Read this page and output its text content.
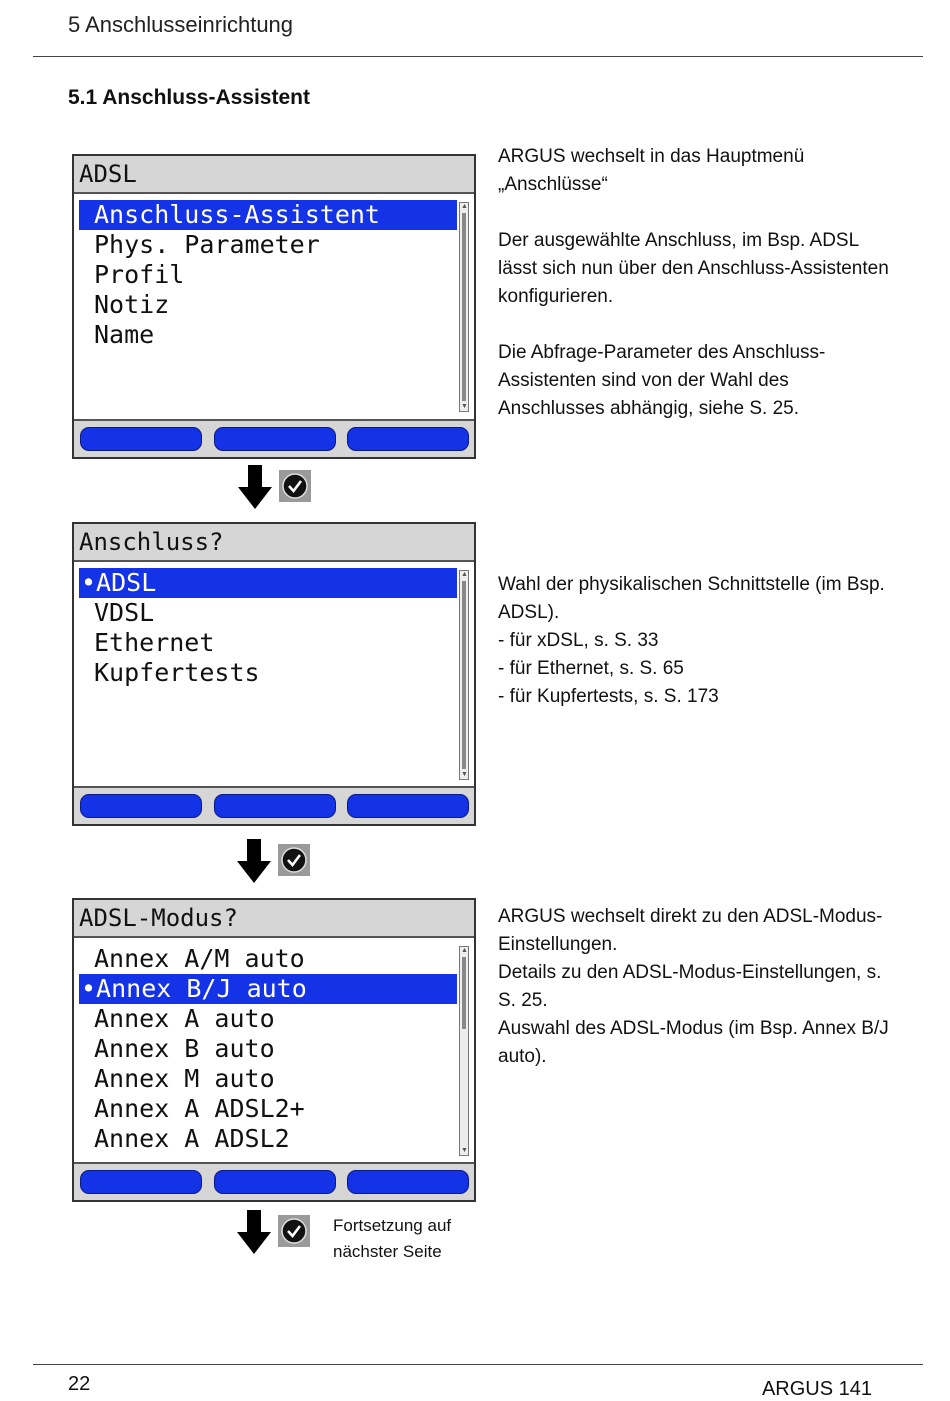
5 Anschlusseinrichtung
5.1 Anschluss-Assistent
ADSL
Anschluss-Assistent
Phys. Parameter
Profil
Notiz
Name
▲
▼

ARGUS wechselt in das Hauptmenü „Anschlüsse“

Der ausgewählte Anschluss, im Bsp. ADSL lässt sich nun über den Anschluss-Assistenten konfigurieren.

Die Abfrage-Parameter des Anschluss-Assistenten sind von der Wahl des Anschlusses abhängig, siehe S. 25.

Anschluss?
•ADSL
VDSL
Ethernet
Kupfertests
▲
▼

Wahl der physikalischen Schnittstelle (im Bsp. ADSL).

- für xDSL, s. S. 33

- für Ethernet, s. S. 65

- für Kupfertests, s. S. 173

ADSL-Modus?
Annex A/M auto
•Annex B/J auto
Annex A auto
Annex B auto
Annex M auto
Annex A ADSL2+
Annex A ADSL2
▲
▼
Fortsetzung auf
nächster Seite

ARGUS wechselt direkt zu den ADSL-Modus-Einstellungen.

Details zu den ADSL-Modus-Einstellungen, s. S. 25.

Auswahl des ADSL-Modus (im Bsp. Annex B/J auto).

22	ARGUS 141
